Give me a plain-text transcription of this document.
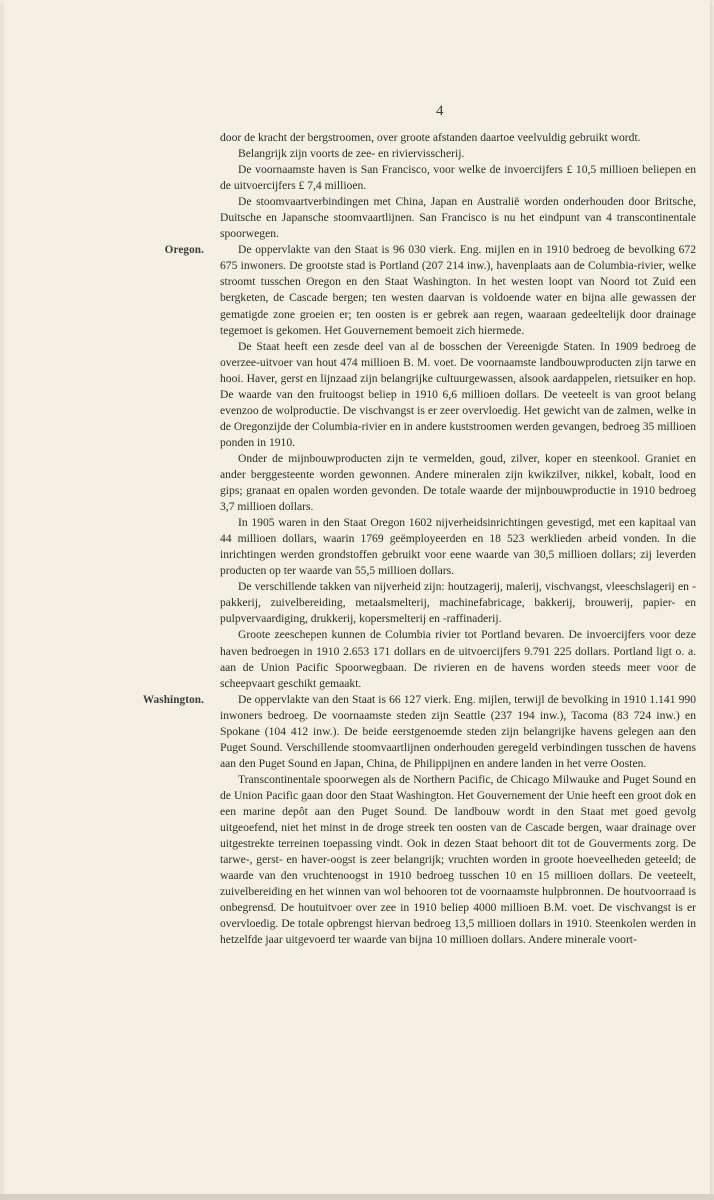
4

door de kracht der bergstroomen, over groote afstanden daartoe veelvuldig gebruikt wordt.

Belangrijk zijn voorts de zee- en riviervisscherij.

De voornaamste haven is San Francisco, voor welke de invoercijfers £ 10,5 millioen beliepen en de uitvoercijfers £ 7,4 millioen.

De stoomvaartverbindingen met China, Japan en Australië worden onderhouden door Britsche, Duitsche en Japansche stoomvaartlijnen. San Francisco is nu het eindpunt van 4 transcontinentale spoorwegen.

Oregon.	De oppervlakte van den Staat is 96 030 vierk. Eng. mijlen en in 1910 bedroeg de bevolking 672 675 inwoners. De grootste stad is Portland (207 214 inw.), havenplaats aan de Columbia-rivier, welke stroomt tusschen Oregon en den Staat Washington. In het westen loopt van Noord tot Zuid een bergketen, de Cascade bergen; ten westen daarvan is voldoende water en bijna alle gewassen der gematigde zone groeien er; ten oosten is er gebrek aan regen, waaraan gedeeltelijk door drainage tegemoet is gekomen. Het Gouvernement bemoeit zich hiermede.

De Staat heeft een zesde deel van al de bosschen der Vereenigde Staten. In 1909 bedroeg de overzee-uitvoer van hout 474 millioen B. M. voet. De voornaamste landbouwproducten zijn tarwe en hooi. Haver, gerst en lijnzaad zijn belangrijke cultuurgewassen, alsook aardappelen, rietsuiker en hop. De waarde van den fruitoogst beliep in 1910 6,6 millioen dollars. De veeteelt is van groot belang evenzoo de wolproductie. De vischvangst is er zeer overvloedig. Het gewicht van de zalmen, welke in de Oregonzijde der Columbia-rivier en in andere kuststroomen werden gevangen, bedroeg 35 millioen ponden in 1910.

Onder de mijnbouwproducten zijn te vermelden, goud, zilver, koper en steenkool. Graniet en ander berggesteente worden gewonnen. Andere mineralen zijn kwikzilver, nikkel, kobalt, lood en gips; granaat en opalen worden gevonden. De totale waarde der mijnbouwproductie in 1910 bedroeg 3,7 millioen dollars.

In 1905 waren in den Staat Oregon 1602 nijverheidsinrichtingen gevestigd, met een kapitaal van 44 millioen dollars, waarin 1769 geëmployeerden en 18 523 werklieden arbeid vonden. In die inrichtingen werden grondstoffen gebruikt voor eene waarde van 30,5 millioen dollars; zij leverden producten op ter waarde van 55,5 millioen dollars.

De verschillende takken van nijverheid zijn: houtzagerij, malerij, vischvangst, vleeschslagerij en -pakkerij, zuivelbereiding, metaalsmelterij, machinefabricage, bakkerij, brouwerij, papier- en pulpvervaardiging, drukkerij, kopersmelterij en -raffinaderij.

Groote zeeschepen kunnen de Columbia rivier tot Portland bevaren. De invoercijfers voor deze haven bedroegen in 1910 2.653 171 dollars en de uitvoercijfers 9.791 225 dollars. Portland ligt o. a. aan de Union Pacific Spoorwegbaan. De rivieren en de havens worden steeds meer voor de scheepvaart geschikt gemaakt.

Washington.	De oppervlakte van den Staat is 66 127 vierk. Eng. mijlen, terwijl de bevolking in 1910 1.141 990 inwoners bedroeg. De voornaamste steden zijn Seattle (237 194 inw.), Tacoma (83 724 inw.) en Spokane (104 412 inw.). De beide eerstgenoemde steden zijn belangrijke havens gelegen aan den Puget Sound. Verschillende stoomvaartlijnen onderhouden geregeld verbindingen tusschen de havens aan den Puget Sound en Japan, China, de Philippijnen en andere landen in het verre Oosten.

Transcontinentale spoorwegen als de Northern Pacific, de Chicago Milwauke and Puget Sound en de Union Pacific gaan door den Staat Washington. Het Gouvernement der Unie heeft een groot dok en een marine depôt aan den Puget Sound. De landbouw wordt in den Staat met goed gevolg uitgeoefend, niet het minst in de droge streek ten oosten van de Cascade bergen, waar drainage over uitgestrekte terreinen toepassing vindt. Ook in dezen Staat behoort dit tot de Gouverments zorg. De tarwe-, gerst- en haver-oogst is zeer belangrijk; vruchten worden in groote hoeveelheden geteeld; de waarde van den vruchtenoogst in 1910 bedroeg tusschen 10 en 15 millioen dollars. De veeteelt, zuivelbereiding en het winnen van wol behooren tot de voornaamste hulpbronnen. De houtvoorraad is onbegrensd. De houtuitvoer over zee in 1910 beliep 4000 millioen B.M. voet. De vischvangst is er overvloedig. De totale opbrengst hiervan bedroeg 13,5 millioen dollars in 1910. Steenkolen werden in hetzelfde jaar uitgevoerd ter waarde van bijna 10 millioen dollars. Andere minerale voort-
